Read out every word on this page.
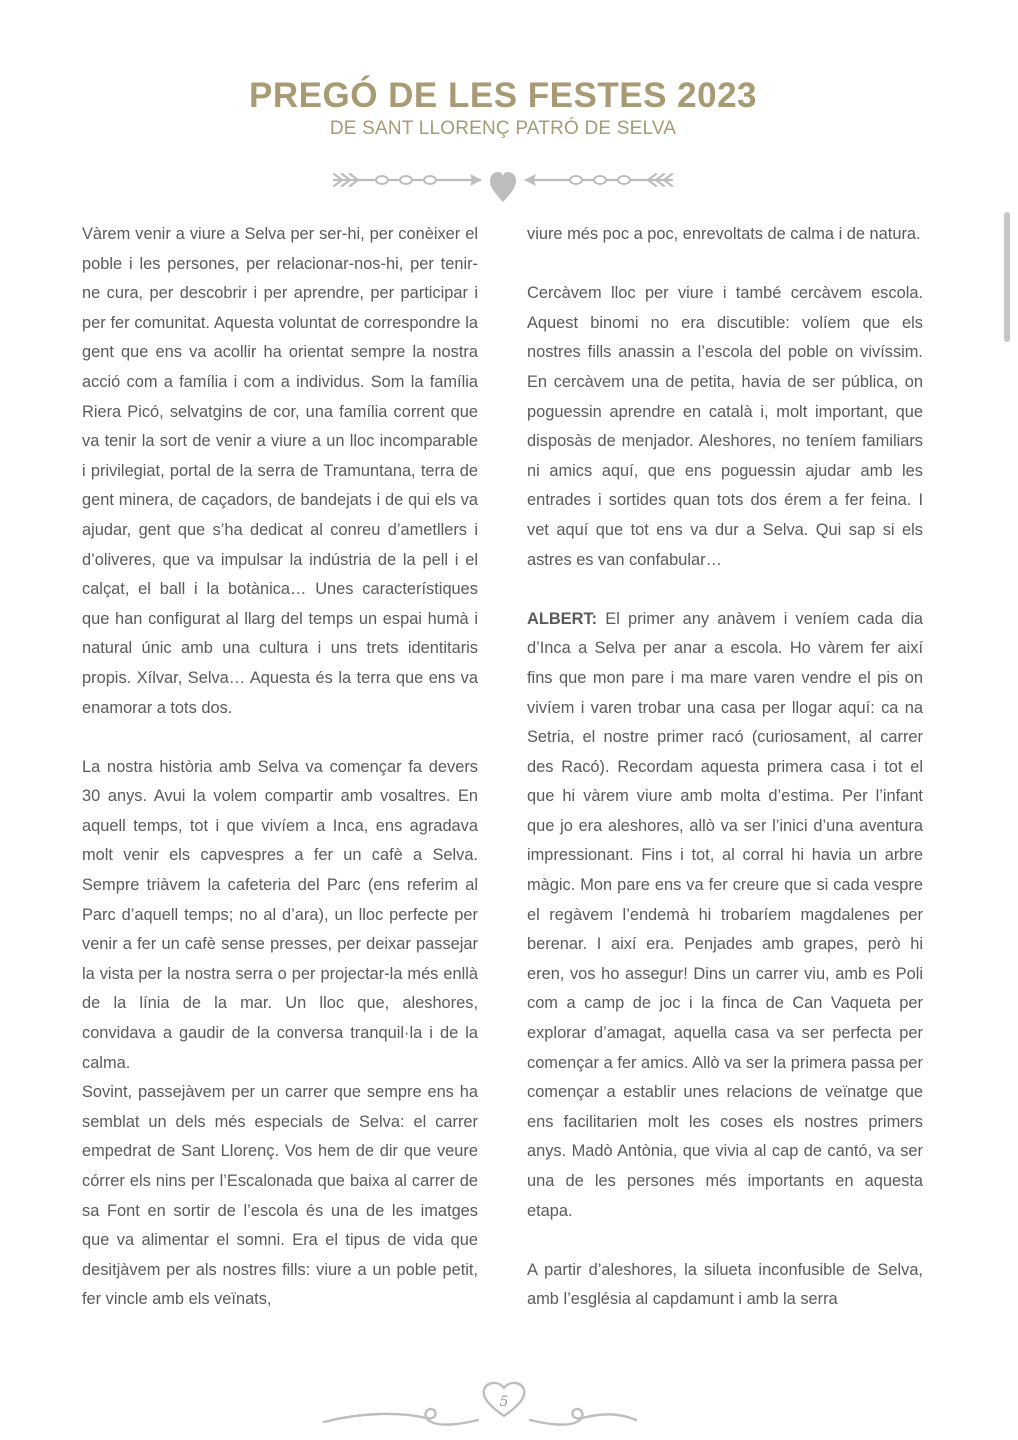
PREGÓ DE LES FESTES 2023
DE SANT LLORENÇ PATRÓ DE SELVA

Vàrem venir a viure a Selva per ser-hi, per conèixer el poble i les persones, per relacionar-nos-hi, per tenir-ne cura, per descobrir i per aprendre, per participar i per fer comunitat. Aquesta voluntat de correspondre la gent que ens va acollir ha orientat sempre la nostra acció com a família i com a individus. Som la família Riera Picó, selvatgins de cor, una família corrent que va tenir la sort de venir a viure a un lloc incomparable i privilegiat, portal de la serra de Tramuntana, terra de gent minera, de caçadors, de bandejats i de qui els va ajudar, gent que s’ha dedicat al conreu d’ametllers i d’oliveres, que va impulsar la indústria de la pell i el calçat, el ball i la botànica… Unes característiques que han configurat al llarg del temps un espai humà i natural únic amb una cultura i uns trets identitaris propis. Xílvar, Selva… Aquesta és la terra que ens va enamorar a tots dos.

La nostra història amb Selva va començar fa devers 30 anys. Avui la volem compartir amb vosaltres. En aquell temps, tot i que vivíem a Inca, ens agradava molt venir els capvespres a fer un cafè a Selva. Sempre triàvem la cafeteria del Parc (ens referim al Parc d’aquell temps; no al d’ara), un lloc perfecte per venir a fer un cafè sense presses, per deixar passejar la vista per la nostra serra o per projectar-la més enllà de la línia de la mar. Un lloc que, aleshores, convidava a gaudir de la conversa tranquil·la i de la calma.

Sovint, passejàvem per un carrer que sempre ens ha semblat un dels més especials de Selva: el carrer empedrat de Sant Llorenç. Vos hem de dir que veure córrer els nins per l’Escalonada que baixa al carrer de sa Font en sortir de l’escola és una de les imatges que va alimentar el somni. Era el tipus de vida que desitjàvem per als nostres fills: viure a un poble petit, fer vincle amb els veïnats,

viure més poc a poc, enrevoltats de calma i de natura.

Cercàvem lloc per viure i també cercàvem escola. Aquest binomi no era discutible: volíem que els nostres fills anassin a l’escola del poble on vivíssim. En cercàvem una de petita, havia de ser pública, on poguessin aprendre en català i, molt important, que disposàs de menjador. Aleshores, no teníem familiars ni amics aquí, que ens poguessin ajudar amb les entrades i sortides quan tots dos érem a fer feina. I vet aquí que tot ens va dur a Selva. Qui sap si els astres es van confabular…

ALBERT: El primer any anàvem i veníem cada dia d’Inca a Selva per anar a escola. Ho vàrem fer així fins que mon pare i ma mare varen vendre el pis on vivíem i varen trobar una casa per llogar aquí: ca na Setria, el nostre primer racó (curiosament, al carrer des Racó). Recordam aquesta primera casa i tot el que hi vàrem viure amb molta d’estima. Per l’infant que jo era aleshores, allò va ser l’inici d’una aventura impressionant. Fins i tot, al corral hi havia un arbre màgic. Mon pare ens va fer creure que si cada vespre el regàvem l’endemà hi trobaríem magdalenes per berenar. I així era. Penjades amb grapes, però hi eren, vos ho assegur! Dins un carrer viu, amb es Poli com a camp de joc i la finca de Can Vaqueta per explorar d’amagat, aquella casa va ser perfecta per començar a fer amics. Allò va ser la primera passa per començar a establir unes relacions de veïnatge que ens facilitarien molt les coses els nostres primers anys. Madò Antònia, que vivia al cap de cantó, va ser una de les persones més importants en aquesta etapa.

A partir d’aleshores, la silueta inconfusible de Selva, amb l’església al capdamunt i amb la serra

5
